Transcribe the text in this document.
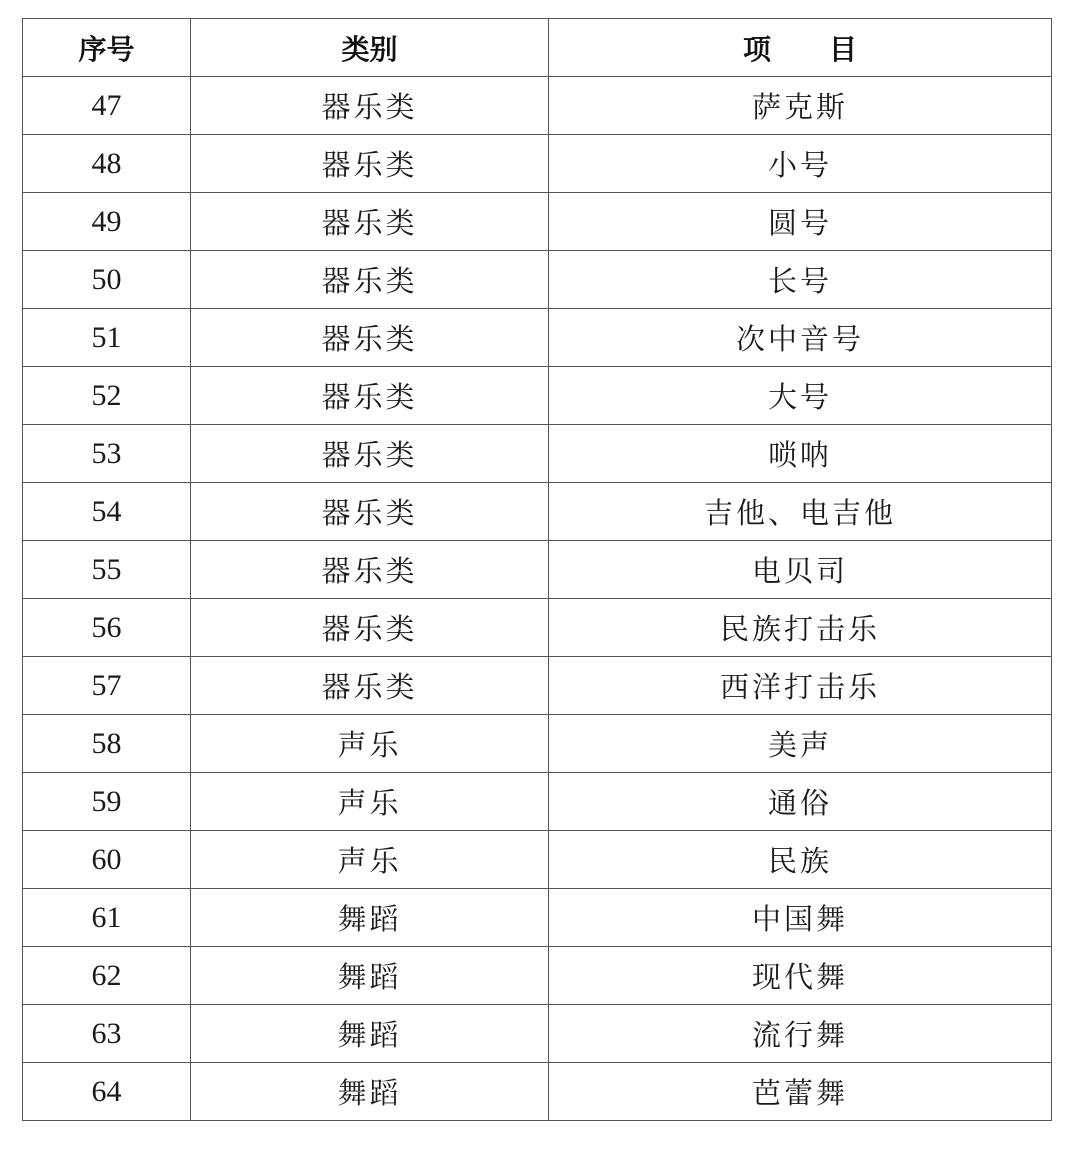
序号	类别	项 目
47	器乐类	萨克斯
48	器乐类	小号
49	器乐类	圆号
50	器乐类	长号
51	器乐类	次中音号
52	器乐类	大号
53	器乐类	唢呐
54	器乐类	吉他、电吉他
55	器乐类	电贝司
56	器乐类	民族打击乐
57	器乐类	西洋打击乐
58	声乐	美声
59	声乐	通俗
60	声乐	民族
61	舞蹈	中国舞
62	舞蹈	现代舞
63	舞蹈	流行舞
64	舞蹈	芭蕾舞
